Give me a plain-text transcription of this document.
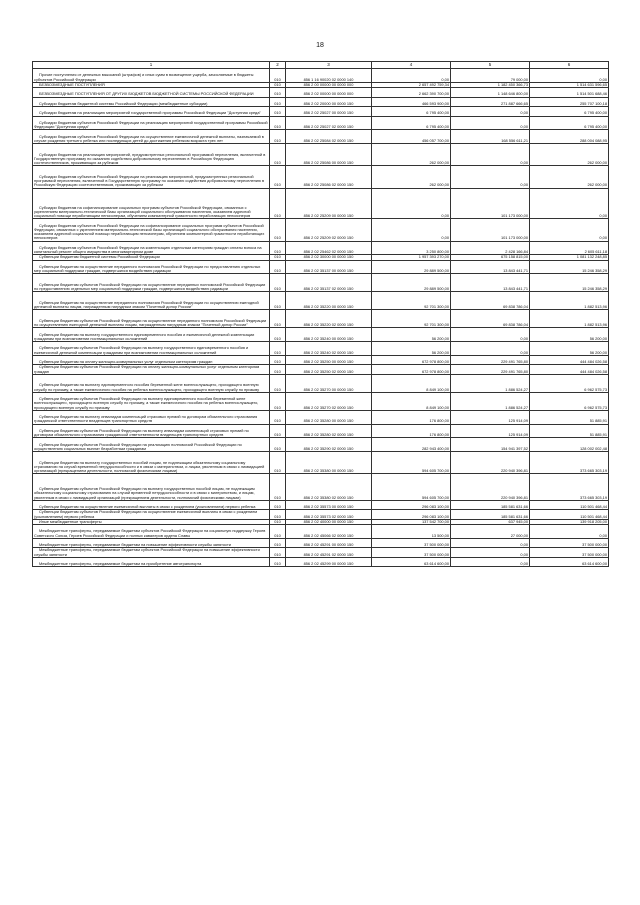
18
1	2	3	4	5	6
Прочие поступления от денежных взысканий (штрафов) и иных сумм в возмещение ущерба, зачисляемые в бюджеты субъектов Российской Федерации	010	856 1 16 90020 02 0000 140	0,00	79 000,00	0,00
БЕЗВОЗМЕЗДНЫЕ ПОСТУПЛЕНИЯ	010	856 2 00 00000 00 0000 000	2 657 492 759,34	1 182 450 366,73	1 514 631 596,65
БЕЗВОЗМЕЗДНЫЕ ПОСТУПЛЕНИЯ ОТ ДРУГИХ БЮДЖЕТОВ БЮДЖЕТНОЙ СИСТЕМЫ РОССИЙСКОЙ ФЕДЕРАЦИИ	010	856 2 02 00000 00 0000 000	2 662 390 700,00	1 148 646 800,00	1 514 501 688,46
Субсидии бюджетам бюджетной системы Российской Федерации (межбюджетные субсидии)	010	856 2 02 20000 00 0000 150	466 593 900,00	271 887 666,65	255 707 100,18
Субсидии бюджетам на реализацию мероприятий государственной программы Российской Федерации "Доступная среда"	010	856 2 02 25027 00 0000 150	6 795 400,00	0,00	6 795 400,00
Субсидии бюджетам субъектов Российской Федерации на реализацию мероприятий государственной программы Российской Федерации "Доступная среда"	010	856 2 02 25027 02 0000 150	6 795 400,00	0,00	6 795 400,00
Субсидии бюджетам субъектов Российской Федерации на осуществление ежемесячной денежной выплаты, назначаемой в случае рождения третьего ребенка или последующих детей до достижения ребенком возраста трех лет	010	856 2 02 25084 02 0000 150	456 057 700,00	168 556 611,21	288 004 088,95
Субсидии бюджетам на реализацию мероприятий, предусмотренных региональной программой переселения, включенной в Государственную программу по оказанию содействия добровольному переселению в Российскую Федерацию соотечественников, проживающих за рубежом	010	856 2 02 25086 00 0000 150	262 000,00	0,00	262 000,00
Субсидии бюджетам субъектов Российской Федерации на реализацию мероприятий, предусмотренных региональной программой переселения, включенной в Государственную программу по оказанию содействия добровольному переселению в Российскую Федерацию соотечественников, проживающих за рубежом	010	856 2 02 25086 02 0000 150	262 000,00	0,00	262 000,00
Субсидии бюджетам на софинансирование социальных программ субъектов Российской Федерации, связанных с укреплением материально-технической базы организаций социального обслуживания населения, оказанием адресной социальной помощи неработающим пенсионерам, обучением компьютерной грамотности неработающих пенсионеров	010	856 2 02 25209 00 0000 150	0,00	101 173 000,00	0,00
Субсидии бюджетам субъектов Российской Федерации на софинансирование социальных программ субъектов Российской Федерации, связанных с укреплением материально-технической базы организаций социального обслуживания населения, оказанием адресной социальной помощи неработающим пенсионерам, обучением компьютерной грамотности неработающих пенсионеров	010	856 2 02 25209 02 0000 150	0,00	101 173 000,00	0,00
Субсидии бюджетам субъектов Российской Федерации на компенсацию отдельным категориям граждан оплаты взноса на капитальный ремонт общего имущества в многоквартирном доме	010	856 2 02 25462 02 0000 150	3 250 800,00	2 428 166,84	2 605 611,18
Субвенции бюджетам бюджетной системы Российской Федерации	010	856 2 02 30000 00 0000 150	1 957 393 270,00	675 158 815,00	1 081 132 248,85
Субвенции бюджетам на осуществление переданного полномочия Российской Федерации по предоставлению отдельных мер социальной поддержки граждан, подвергшихся воздействию радиации	010	856 2 02 35137 00 0000 150	29 889 500,00	13 843 441,71	15 246 358,29
Субвенции бюджетам субъектов Российской Федерации на осуществление переданных полномочий Российской Федерации по предоставлению отдельных мер социальной поддержки граждан, подвергшихся воздействию радиации	010	856 2 02 35137 02 0000 150	29 889 500,00	13 843 441,71	15 246 358,29
Субвенции бюджетам на осуществление переданного полномочия Российской Федерации по осуществлению ежегодной денежной выплаты лицам, награжденным нагрудным знаком "Почетный донор России"	010	856 2 02 35220 00 0000 150	92 701 300,00	69 838 786,04	1 882 513,96
Субвенции бюджетам субъектов Российской Федерации на осуществление переданного полномочия Российской Федерации по осуществлению ежегодной денежной выплаты лицам, награжденным нагрудным знаком "Почетный донор России"	010	856 2 02 35220 02 0000 150	92 701 300,00	69 838 786,04	1 882 513,96
Субвенции бюджетам на выплату государственного единовременного пособия и ежемесячной денежной компенсации гражданам при возникновении поствакцинальных осложнений	010	856 2 02 35240 00 0000 150	56 200,00	0,00	56 200,00
Субвенции бюджетам субъектов Российской Федерации на выплату государственного единовременного пособия и ежемесячной денежной компенсации гражданам при возникновении поствакцинальных осложнений	010	856 2 02 35240 02 0000 150	56 200,00	0,00	56 200,00
Субвенции бюджетам на оплату жилищно-коммунальных услуг отдельным категориям граждан	010	856 2 02 35250 00 0000 150	672 978 800,00	229 491 765,80	444 484 026,58
Субвенции бюджетам субъектов Российской Федерации на оплату жилищно-коммунальных услуг отдельным категориям граждан	010	856 2 02 35250 02 0000 150	672 978 800,00	229 491 765,80	444 484 026,58
Субвенции бюджетам на выплату единовременного пособия беременной жене военнослужащего, проходящего военную службу по призыву, а также ежемесячного пособия на ребенка военнослужащего, проходящего военную службу по призыву	010	856 2 02 35270 00 0000 150	8 849 100,00	1 886 524,27	6 962 575,73
Субвенции бюджетам субъектов Российской Федерации на выплату единовременного пособия беременной жене военнослужащего, проходящего военную службу по призыву, а также ежемесячного пособия на ребенка военнослужащего, проходящего военную службу по призыву	010	856 2 02 35270 02 0000 150	8 849 100,00	1 886 524,27	6 962 575,73
Субвенции бюджетам на выплату инвалидам компенсаций страховых премий по договорам обязательного страхования гражданской ответственности владельцев транспортных средств	010	856 2 02 35280 00 0000 150	176 800,00	125 914,09	51 885,91
Субвенции бюджетам субъектов Российской Федерации на выплату инвалидам компенсаций страховых премий по договорам обязательного страхования гражданской ответственности владельцев транспортных средств	010	856 2 02 35280 02 0000 150	176 800,00	125 914,09	51 885,91
Субвенции бюджетам субъектов Российской Федерации на реализацию полномочий Российской Федерации по осуществлению социальных выплат безработным гражданам	010	856 2 02 35290 02 0000 150	282 943 400,00	154 941 397,52	128 002 002,48
Субвенции бюджетам на выплату государственных пособий лицам, не подлежащим обязательному социальному страхованию на случай временной нетрудоспособности и в связи с материнством, и лицам, уволенным в связи с ликвидацией организаций (прекращением деятельности, полномочий физическими лицами)	010	856 2 02 35380 00 0000 150	594 605 700,00	220 940 396,81	373 665 303,19
Субвенции бюджетам субъектов Российской Федерации на выплату государственных пособий лицам, не подлежащим обязательному социальному страхованию на случай временной нетрудоспособности и в связи с материнством, и лицам, уволенным в связи с ликвидацией организаций (прекращением деятельности, полномочий физическими лицами)	010	856 2 02 35380 02 0000 150	594 605 700,00	220 940 396,81	373 665 303,19
Субвенции бюджетам на осуществление ежемесячной выплаты в связи с рождением (усыновлением) первого ребенка	010	856 2 02 35573 00 0000 150	296 083 100,00	185 581 631,66	110 501 468,44
Субвенции бюджетам субъектов Российской Федерации на осуществление ежемесячной выплаты в связи с рождением (усыновлением) первого ребенка	010	856 2 02 35573 02 0000 150	296 083 100,00	185 581 631,66	110 501 468,44
Иные межбюджетные трансферты	010	856 2 02 40000 00 0000 150	137 542 700,00	637 945,00	139 918 205,00
Межбюджетные трансферты, передаваемые бюджетам субъектов Российской Федерации на социальную поддержку Героев Советского Союза, Героев Российской Федерации и полных кавалеров ордена Славы	010	856 2 02 45066 02 0000 150	13 500,00	27 000,00	0,00
Межбюджетные трансферты, передаваемые бюджетам на повышение эффективности службы занятости	010	856 2 02 45291 00 0000 150	37 500 000,00	0,00	37 500 000,00
Межбюджетные трансферты, передаваемые бюджетам субъектов Российской Федерации на повышение эффективности службы занятости	010	856 2 02 45291 02 0000 150	37 500 000,00	0,00	37 500 000,00
Межбюджетные трансферты, передаваемые бюджетам на приобретение автотранспорта	010	856 2 02 45299 00 0000 150	63 614 600,00	0,00	63 614 600,00
